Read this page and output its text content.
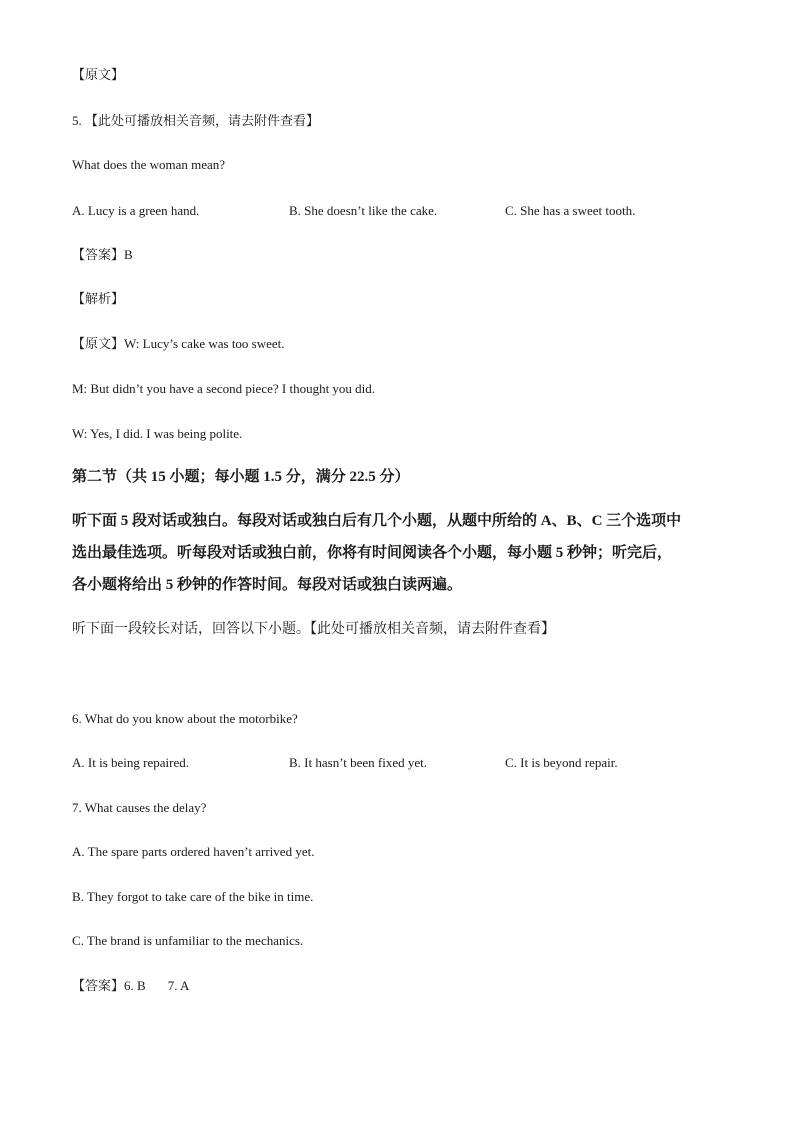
【原文】
5. 【此处可播放相关音频，请去附件查看】
What does the woman mean?
A. Lucy is a green hand.	B. She doesn’t like the cake.	C. She has a sweet tooth.
【答案】B
【解析】
【原文】W: Lucy’s cake was too sweet.
M: But didn’t you have a second piece? I thought you did.
W: Yes, I did. I was being polite.
第二节（共 15 小题；每小题 1.5 分，满分 22.5 分）
听下面 5 段对话或独白。每段对话或独白后有几个小题，从题中所给的 A、B、C 三个选项中
选出最佳选项。听每段对话或独白前，你将有时间阅读各个小题，每小题 5 秒钟；听完后，
各小题将给出 5 秒钟的作答时间。每段对话或独白读两遍。
听下面一段较长对话，回答以下小题。【此处可播放相关音频，请去附件查看】
6. What do you know about the motorbike?
A. It is being repaired.	B. It hasn’t been fixed yet.	C. It is beyond repair.
7. What causes the delay?
A. The spare parts ordered haven’t arrived yet.
B. They forgot to take care of the bike in time.
C. The brand is unfamiliar to the mechanics.
【答案】6. B 7. A
